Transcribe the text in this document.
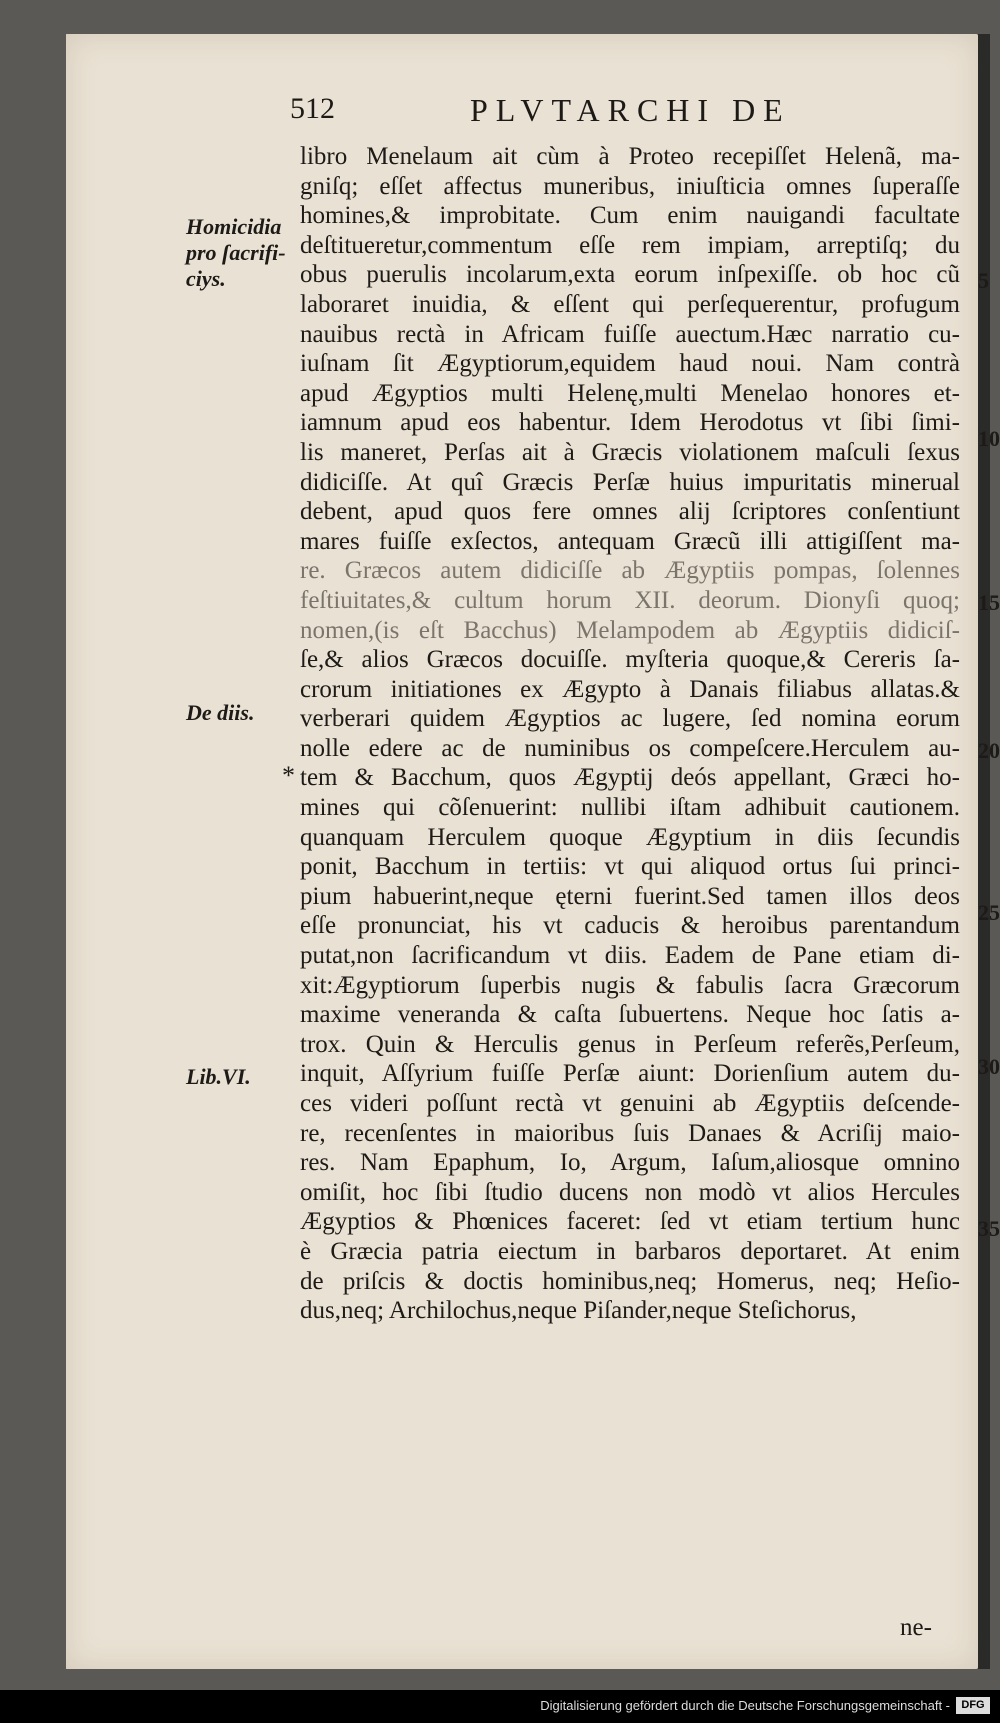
512	PLVTARCHI DE
libro Menelaum ait cùm à Proteo recepiſſet Helenã, ma-
gniſq; eſſet affectus muneribus, iniuſticia omnes ſuperaſſe
homines,& improbitate. Cum enim nauigandi facultate
deſtitueretur,commentum eſſe rem impiam, arreptiſq; du
obus puerulis incolarum,exta eorum inſpexiſſe. ob hoc cũ
laboraret inuidia, & eſſent qui perſequerentur, profugum
nauibus rectà in Africam fuiſſe auectum.Hæc narratio cu-
iuſnam ſit Ægyptiorum,equidem haud noui. Nam contrà
apud Ægyptios multi Helenę,multi Menelao honores et-
iamnum apud eos habentur. Idem Herodotus vt ſibi ſimi-
lis maneret, Perſas ait à Græcis violationem maſculi ſexus
didiciſſe. At quî Græcis Perſæ huius impuritatis minerual
debent, apud quos fere omnes alij ſcriptores conſentiunt
mares fuiſſe exſectos, antequam Græcũ illi attigiſſent ma-
re. Græcos autem didiciſſe ab Ægyptiis pompas, ſolennes
feſtiuitates,& cultum horum XII. deorum. Dionyſi quoq;
nomen,(is eſt Bacchus) Melampodem ab Ægyptiis didiciſ-
ſe,& alios Græcos docuiſſe. myſteria quoque,& Cereris ſa-
crorum initiationes ex Ægypto à Danais filiabus allatas.&
verberari quidem Ægyptios ac lugere, ſed nomina eorum
nolle edere ac de numinibus os compeſcere.Herculem au-
tem & Bacchum, quos Ægyptij deós appellant, Græci ho-
mines qui cõſenuerint: nullibi iſtam adhibuit cautionem.
quanquam Herculem quoque Ægyptium in diis ſecundis
ponit, Bacchum in tertiis: vt qui aliquod ortus ſui princi-
pium habuerint,neque ęterni fuerint.Sed tamen illos deos
eſſe pronunciat, his vt caducis & heroibus parentandum
putat,non ſacrificandum vt diis. Eadem de Pane etiam di-
xit:Ægyptiorum ſuperbis nugis & fabulis ſacra Græcorum
maxime veneranda & caſta ſubuertens. Neque hoc ſatis a-
trox. Quin & Herculis genus in Perſeum referẽs,Perſeum,
inquit, Aſſyrium fuiſſe Perſæ aiunt: Dorienſium autem du-
ces videri poſſunt rectà vt genuini ab Ægyptiis deſcende-
re, recenſentes in maioribus ſuis Danaes & Acriſij maio-
res. Nam Epaphum, Io, Argum, Iaſum,aliosque omnino
omiſit, hoc ſibi ſtudio ducens non modò vt alios Hercules
Ægyptios & Phœnices faceret: ſed vt etiam tertium hunc
è Græcia patria eiectum in barbaros deportaret. At enim
de priſcis & doctis hominibus,neq; Homerus, neq; Heſio-
dus,neq; Archilochus,neque Piſander,neque Steſichorus,
ne-
Homicidia pro ſacrifi-ciys.
De diis.
Lib.VI.
*
5
10
15
20
25
30
35
Digitalisierung gefördert durch die Deutsche Forschungsgemeinschaft -	DFG
